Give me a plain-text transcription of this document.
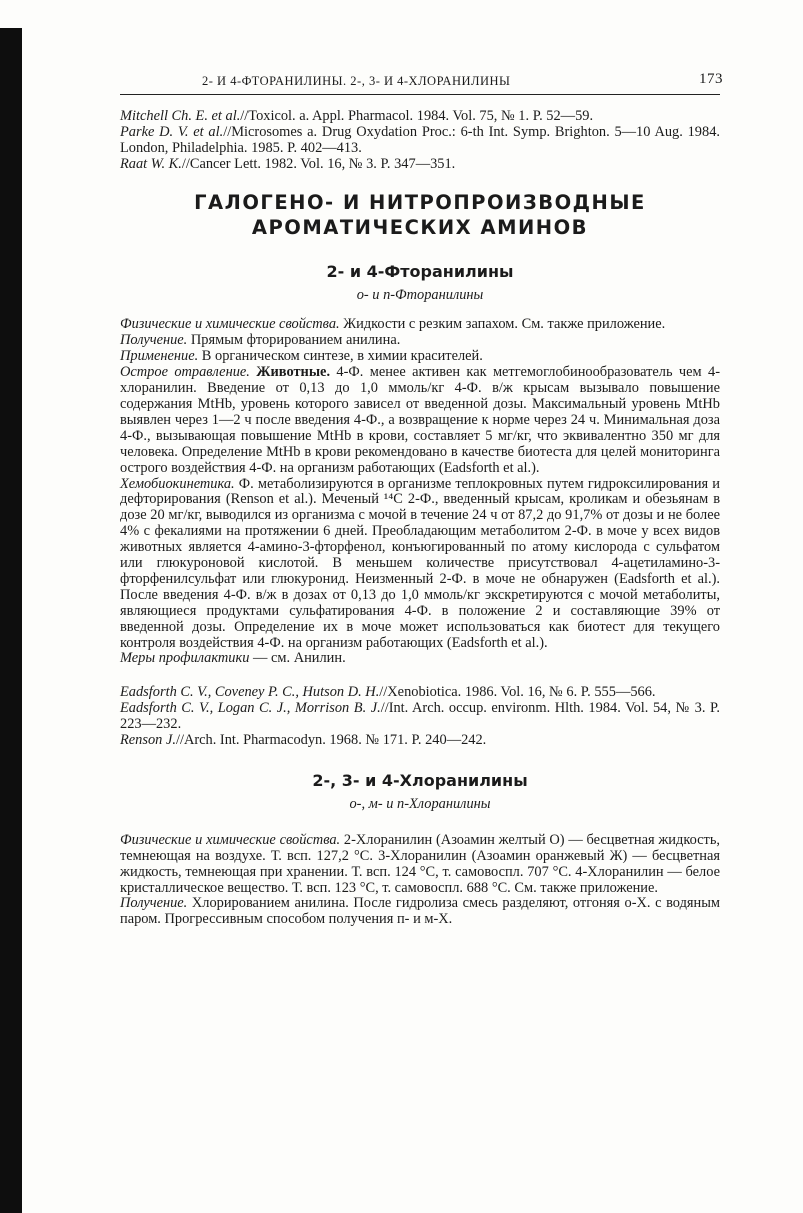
2- И 4-ФТОРАНИЛИНЫ. 2-, 3- И 4-ХЛОРАНИЛИНЫ	173

Mitchell Ch. E. et al.//Toxicol. a. Appl. Pharmacol. 1984. Vol. 75, № 1. P. 52—59.

Parke D. V. et al.//Microsomes a. Drug Oxydation Proc.: 6-th Int. Symp. Brighton. 5—10 Aug. 1984. London, Philadelphia. 1985. P. 402—413.

Raat W. K.//Cancer Lett. 1982. Vol. 16, № 3. P. 347—351.

ГАЛОГЕНО- И НИТРОПРОИЗВОДНЫЕ АРОМАТИЧЕСКИХ АМИНОВ
2- и 4-Фторанилины
о- и п-Фторанилины

Физические и химические свойства. Жидкости с резким запахом. См. также приложение.

Получение. Прямым фторированием анилина.

Применение. В органическом синтезе, в химии красителей.

Острое отравление. Животные. 4-Ф. менее активен как метгемоглобинообразователь чем 4-хлоранилин. Введение от 0,13 до 1,0 ммоль/кг 4-Ф. в/ж крысам вызывало повышение содержания MtHb, уровень которого зависел от введенной дозы. Максимальный уровень MtHb выявлен через 1—2 ч после введения 4-Ф., а возвращение к норме через 24 ч. Минимальная доза 4-Ф., вызывающая повышение MtHb в крови, составляет 5 мг/кг, что эквивалентно 350 мг для человека. Определение MtHb в крови рекомендовано в качестве биотеста для целей мониторинга острого воздействия 4-Ф. на организм работающих (Eadsforth et al.).

Хемобиокинетика. Ф. метаболизируются в организме теплокровных путем гидроксилирования и дефторирования (Renson et al.). Меченый ¹⁴C 2-Ф., введенный крысам, кроликам и обезьянам в дозе 20 мг/кг, выводился из организма с мочой в течение 24 ч от 87,2 до 91,7% от дозы и не более 4% с фекалиями на протяжении 6 дней. Преобладающим метаболитом 2-Ф. в моче у всех видов животных является 4-амино-3-фторфенол, конъюгированный по атому кислорода с сульфатом или глюкуроновой кислотой. В меньшем количестве присутствовал 4-ацетиламино-3-фторфенилсульфат или глюкуронид. Неизменный 2-Ф. в моче не обнаружен (Eadsforth et al.). После введения 4-Ф. в/ж в дозах от 0,13 до 1,0 ммоль/кг экскретируются с мочой метаболиты, являющиеся продуктами сульфатирования 4-Ф. в положение 2 и составляющие 39% от введенной дозы. Определение их в моче может использоваться как биотест для текущего контроля воздействия 4-Ф. на организм работающих (Eadsforth et al.).

Меры профилактики — см. Анилин.

Eadsforth C. V., Coveney P. C., Hutson D. H.//Xenobiotica. 1986. Vol. 16, № 6. P. 555—566.

Eadsforth C. V., Logan C. J., Morrison B. J.//Int. Arch. occup. environm. Hlth. 1984. Vol. 54, № 3. P. 223—232.

Renson J.//Arch. Int. Pharmacodyn. 1968. № 171. P. 240—242.

2-, 3- и 4-Хлоранилины
о-, м- и п-Хлоранилины

Физические и химические свойства. 2-Хлоранилин (Азоамин желтый О) — бесцветная жидкость, темнеющая на воздухе. Т. всп. 127,2 °С. 3-Хлоранилин (Азоамин оранжевый Ж) — бесцветная жидкость, темнеющая при хранении. Т. всп. 124 °С, т. самовоспл. 707 °С. 4-Хлоранилин — белое кристаллическое вещество. Т. всп. 123 °С, т. самовоспл. 688 °С. См. также приложение.

Получение. Хлорированием анилина. После гидролиза смесь разделяют, отгоняя о-Х. с водяным паром. Прогрессивным способом получения п- и м-Х.
